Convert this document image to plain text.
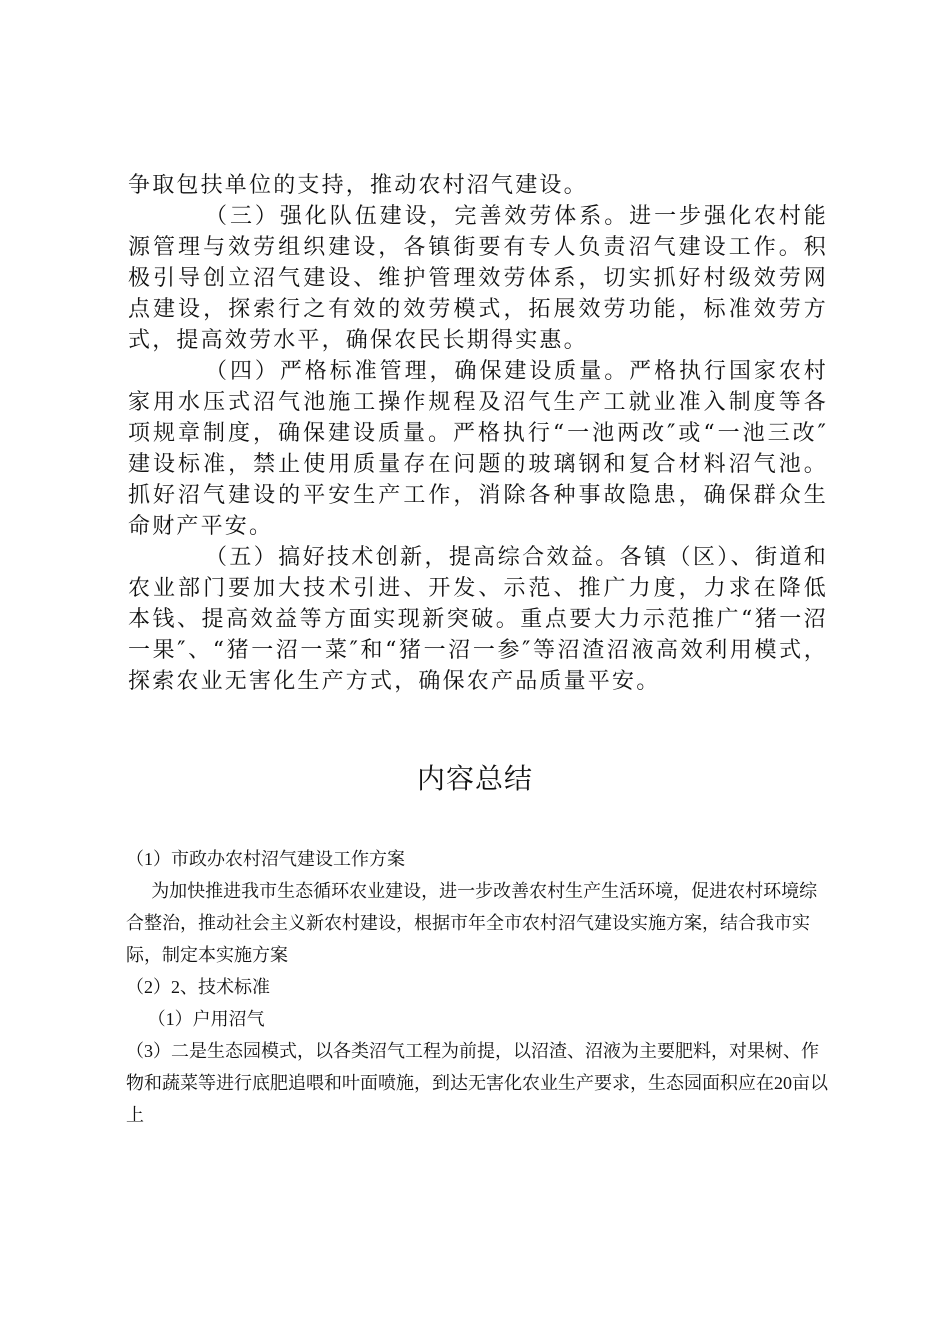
争取包扶单位的支持，推动农村沼气建设。

（三）强化队伍建设，完善效劳体系。进一步强化农村能源管理与效劳组织建设，各镇街要有专人负责沼气建设工作。积极引导创立沼气建设、维护管理效劳体系，切实抓好村级效劳网点建设，探索行之有效的效劳模式，拓展效劳功能，标准效劳方式，提高效劳水平，确保农民长期得实惠。

（四）严格标准管理，确保建设质量。严格执行国家农村家用水压式沼气池施工操作规程及沼气生产工就业准入制度等各项规章制度，确保建设质量。严格执行“一池两改″或“一池三改″建设标准，禁止使用质量存在问题的玻璃钢和复合材料沼气池。抓好沼气建设的平安生产工作，消除各种事故隐患，确保群众生命财产平安。

（五）搞好技术创新，提高综合效益。各镇（区）、街道和农业部门要加大技术引进、开发、示范、推广力度，力求在降低本钱、提高效益等方面实现新突破。重点要大力示范推广“猪一沼一果″、“猪一沼一菜″和“猪一沼一参″等沼渣沼液高效利用模式，探索农业无害化生产方式，确保农产品质量平安。

内容总结

（1）市政办农村沼气建设工作方案

为加快推进我市生态循环农业建设，进一步改善农村生产生活环境，促进农村环境综合整治，推动社会主义新农村建设，根据市年全市农村沼气建设实施方案，结合我市实际，制定本实施方案

（2）2、技术标准

（1）户用沼气

（3）二是生态园模式，以各类沼气工程为前提，以沼渣、沼液为主要肥料，对果树、作物和蔬菜等进行底肥追喂和叶面喷施，到达无害化农业生产要求，生态园面积应在20亩以上
